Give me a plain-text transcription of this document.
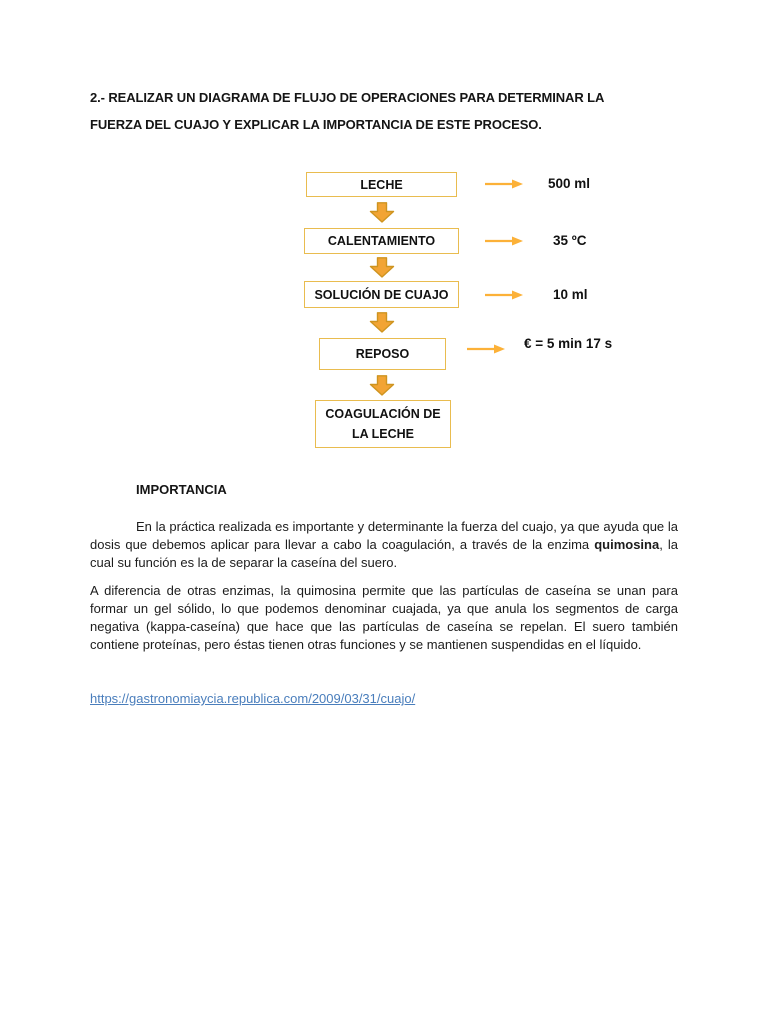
2.- REALIZAR UN DIAGRAMA DE FLUJO DE OPERACIONES PARA DETERMINAR LA
FUERZA DEL CUAJO Y EXPLICAR LA IMPORTANCIA DE ESTE PROCESO.
LECHE	500 ml
CALENTAMIENTO	35 ºC
SOLUCIÓN DE CUAJO	10 ml
REPOSO
€ = 5 min 17 s
COAGULACIÓN DE LA LECHE
IMPORTANCIA
En la práctica realizada es importante y determinante la fuerza del cuajo, ya que ayuda que la dosis que debemos aplicar para llevar a cabo la coagulación, a través de la enzima quimosina, la cual su función es la de separar la caseína del suero.
A diferencia de otras enzimas, la quimosina permite que las partículas de caseína se unan para formar un gel sólido, lo que podemos denominar cuajada, ya que anula los segmentos de carga negativa (kappa-caseína) que hace que las partículas de caseína se repelan. El suero también contiene proteínas, pero éstas tienen otras funciones y se mantienen suspendidas en el líquido.
https://gastronomiaycia.republica.com/2009/03/31/cuajo/
